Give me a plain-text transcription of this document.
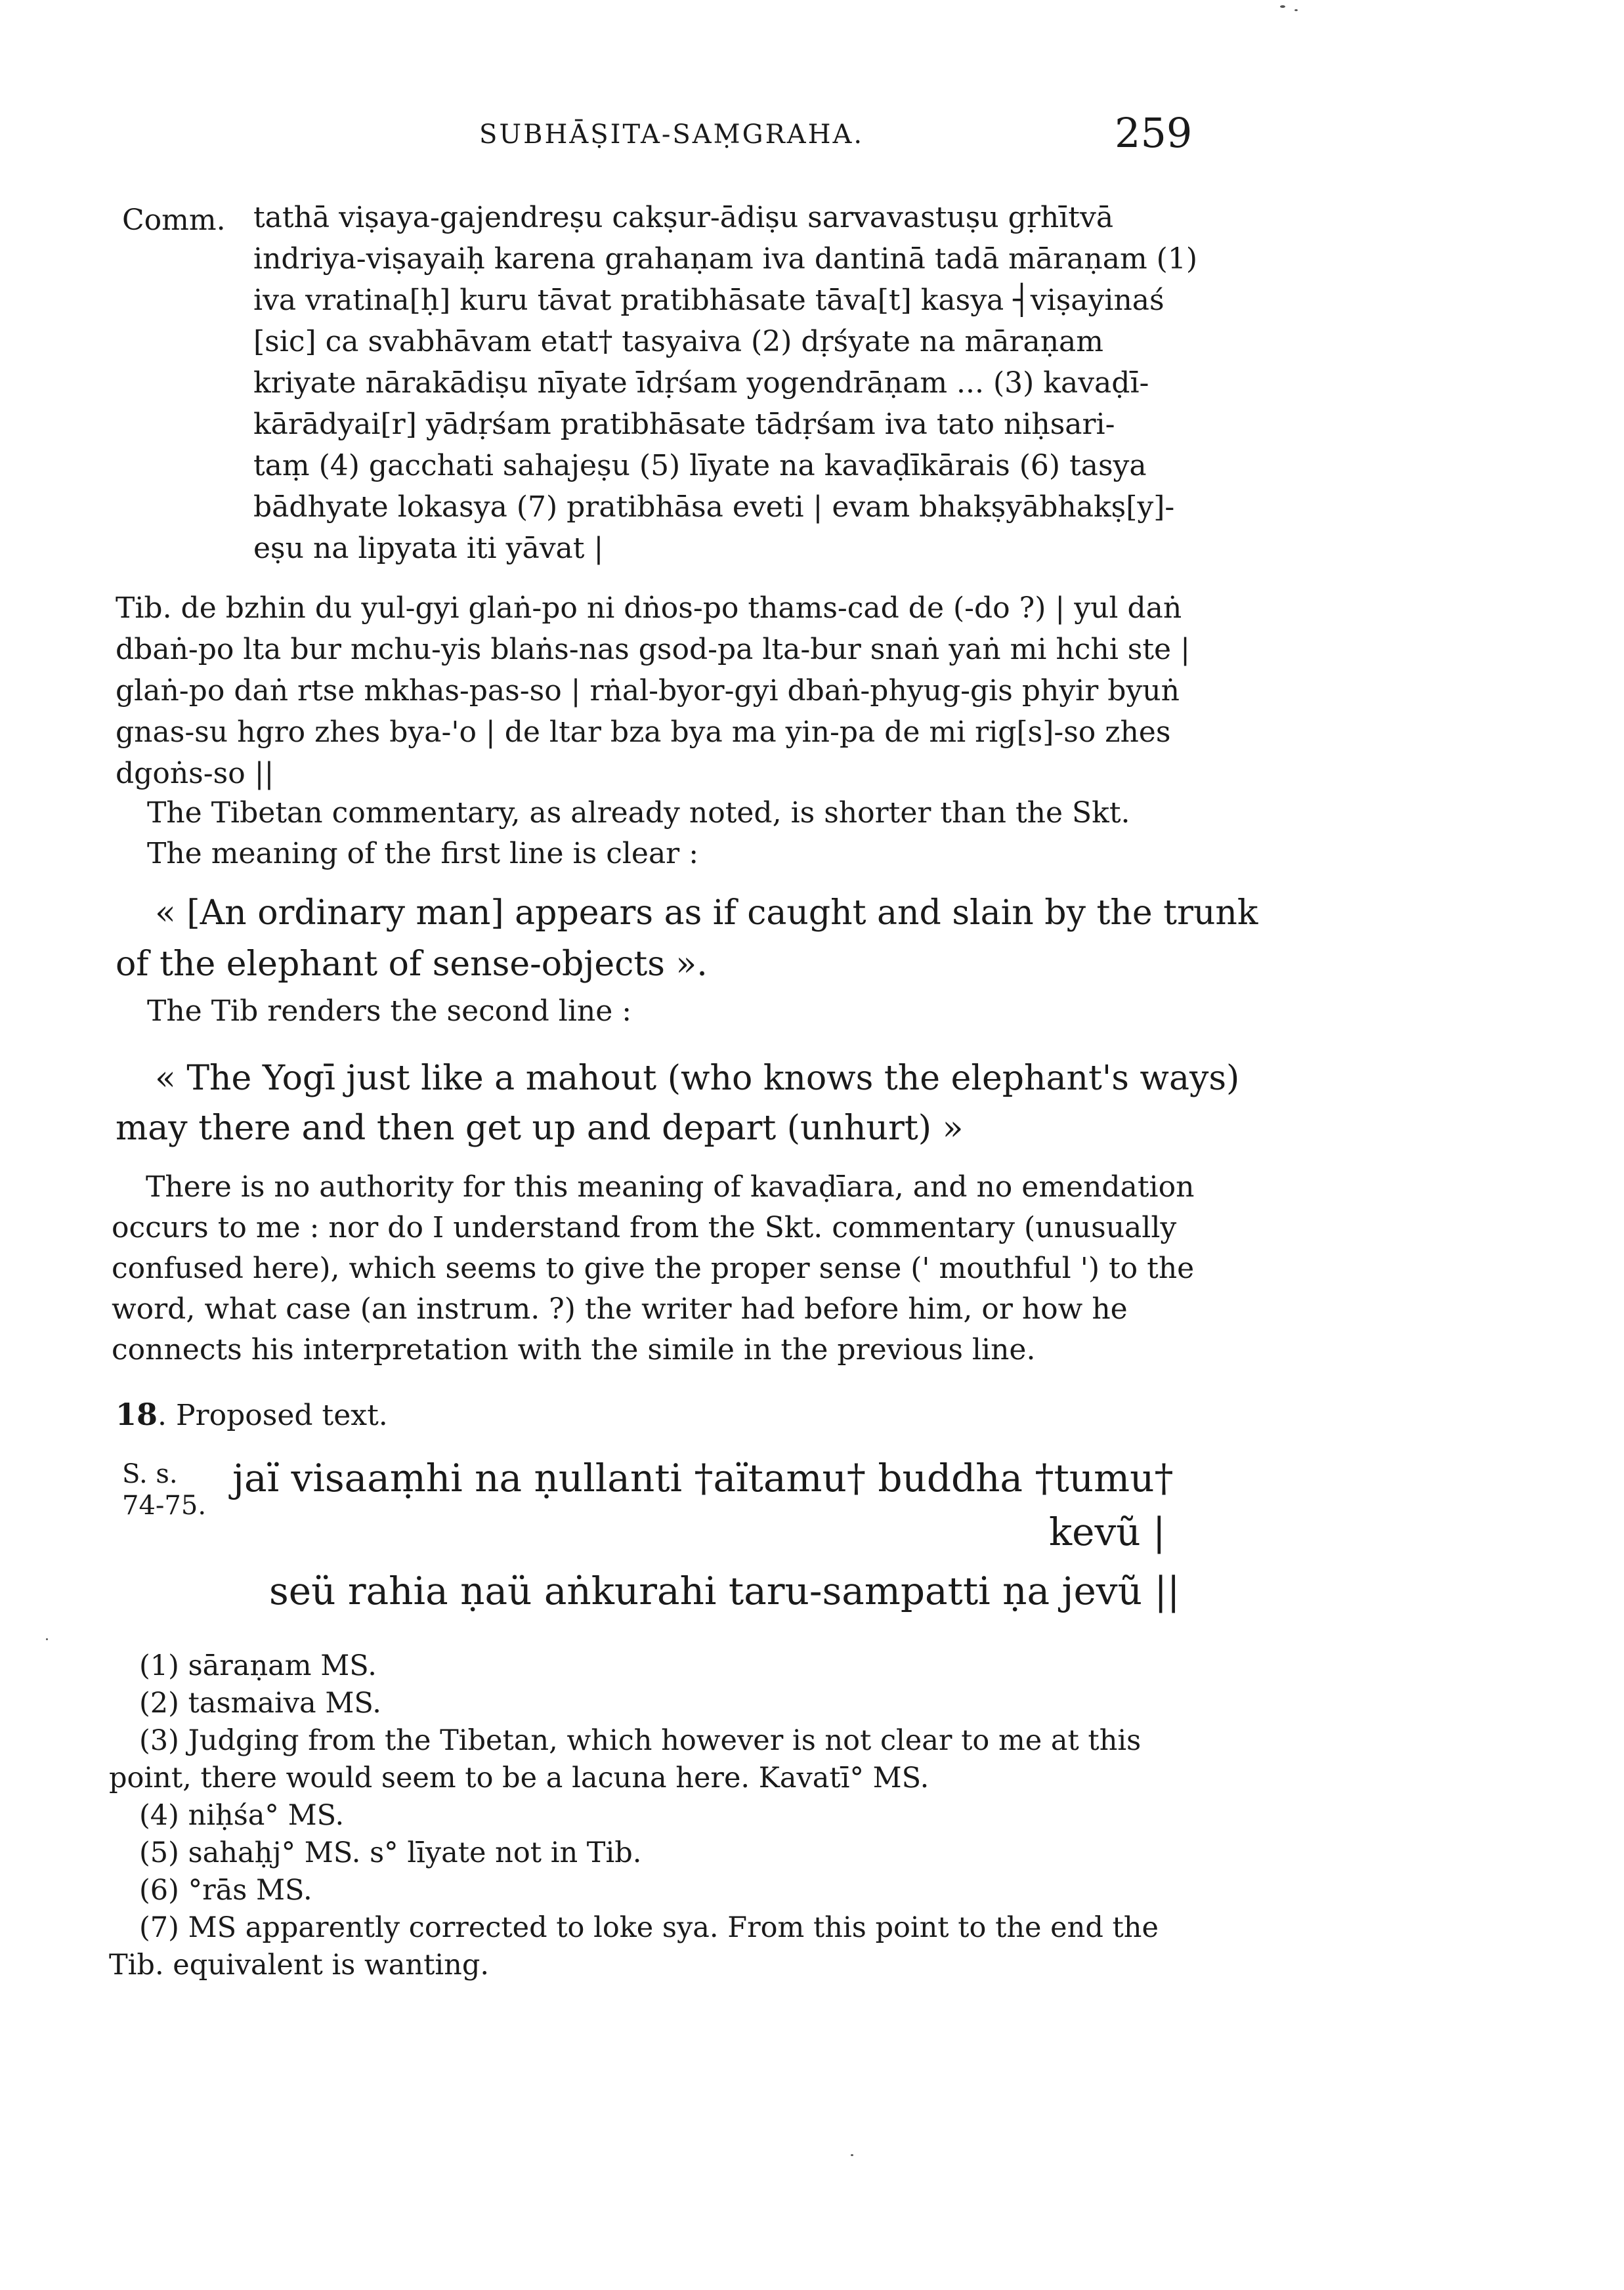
SUBHĀṢITA-SAṂGRAHA.	259
Comm. tathā viṣaya-gajendreṣu cakṣur-ādiṣu sarvavastuṣu gṛhītvā
indriya-viṣayaiḥ karena grahaṇam iva dantinā tadā māraṇam (1)
iva vratina[ḥ] kuru tāvat pratibhāsate tāva[t] kasya ┤viṣayinaś
[sic] ca svabhāvam etat† tasyaiva (2) dṛśyate na māraṇam
kriyate nārakādiṣu nīyate īdṛśam yogendrāṇam ... (3) kavaḍī-
kārādyai[r] yādṛśam pratibhāsate tādṛśam iva tato niḥsari-
taṃ (4) gacchati sahajeṣu (5) līyate na kavaḍīkārais (6) tasya
bādhyate lokasya (7) pratibhāsa eveti | evam bhakṣyābhakṣ[y]-
eṣu na lipyata iti yāvat |
Tib. de bzhin du yul-gyi glaṅ-po ni dṅos-po thams-cad de (-do ?) | yul daṅ
dbaṅ-po lta bur mchu-yis blaṅs-nas gsod-pa lta-bur snaṅ yaṅ mi hchi ste |
glaṅ-po daṅ rtse mkhas-pas-so | rṅal-byor-gyi dbaṅ-phyug-gis phyir byuṅ
gnas-su hgro zhes bya-'o | de ltar bza bya ma yin-pa de mi rig[s]-so zhes
dgoṅs-so ||
The Tibetan commentary, as already noted, is shorter than the Skt.
The meaning of the first line is clear :
« [An ordinary man] appears as if caught and slain by the trunk
of the elephant of sense-objects ».
The Tib renders the second line :
« The Yogī just like a mahout (who knows the elephant's ways)
may there and then get up and depart (unhurt) »
There is no authority for this meaning of kavaḍīara, and no emendation
occurs to me : nor do I understand from the Skt. commentary (unusually
confused here), which seems to give the proper sense (' mouthful ') to the
word, what case (an instrum. ?) the writer had before him, or how he
connects his interpretation with the simile in the previous line.
18. Proposed text.
S. s.
74-75.
jaï visaaṃhi na ṇullanti †aïtamu† buddha †tumu†
kevũ |
seü rahia ṇaü aṅkurahi taru-sampatti ṇa jevũ ||
(1) sāraṇam MS.
(2) tasmaiva MS.
(3) Judging from the Tibetan, which however is not clear to me at this
point, there would seem to be a lacuna here. Kavatī° MS.
(4) niḥśa° MS.
(5) sahaḥj° MS. s° līyate not in Tib.
(6) °rās MS.
(7) MS apparently corrected to loke sya. From this point to the end the
Tib. equivalent is wanting.
